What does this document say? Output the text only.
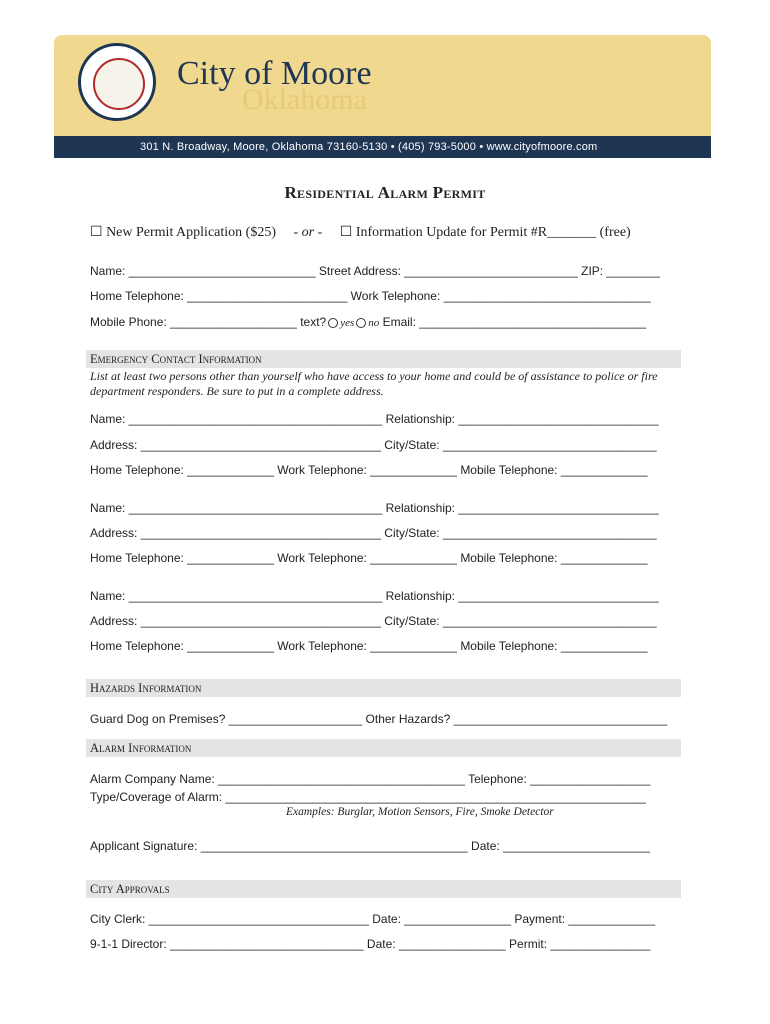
City of Moore
Oklahoma
301 N. Broadway, Moore, Oklahoma 73160-5130 • (405) 793-5000 • www.cityofmoore.com
Residential Alarm Permit
☐ New Permit Application ($25) - or - ☐ Information Update for Permit #R_______ (free)
Name: ____________________________ Street Address: __________________________ ZIP: ________
Home Telephone: ________________________ Work Telephone: _______________________________
Mobile Phone: ___________________ text? yes no Email: __________________________________
Emergency Contact Information
List at least two persons other than yourself who have access to your home and could be of assistance to police or fire department responders. Be sure to put in a complete address.
Name: ______________________________________ Relationship: ______________________________
Address: ____________________________________ City/State: ________________________________
Home Telephone: _____________ Work Telephone: _____________ Mobile Telephone: _____________
Name: ______________________________________ Relationship: ______________________________
Address: ____________________________________ City/State: ________________________________
Home Telephone: _____________ Work Telephone: _____________ Mobile Telephone: _____________
Name: ______________________________________ Relationship: ______________________________
Address: ____________________________________ City/State: ________________________________
Home Telephone: _____________ Work Telephone: _____________ Mobile Telephone: _____________
Hazards Information
Guard Dog on Premises? ____________________ Other Hazards? ________________________________
Alarm Information
Alarm Company Name: _____________________________________ Telephone: __________________
Type/Coverage of Alarm: _______________________________________________________________
Examples: Burglar, Motion Sensors, Fire, Smoke Detector
Applicant Signature: ________________________________________ Date: ______________________
City Approvals
City Clerk: _________________________________ Date: ________________ Payment: _____________
9-1-1 Director: _____________________________ Date: ________________ Permit: _______________
